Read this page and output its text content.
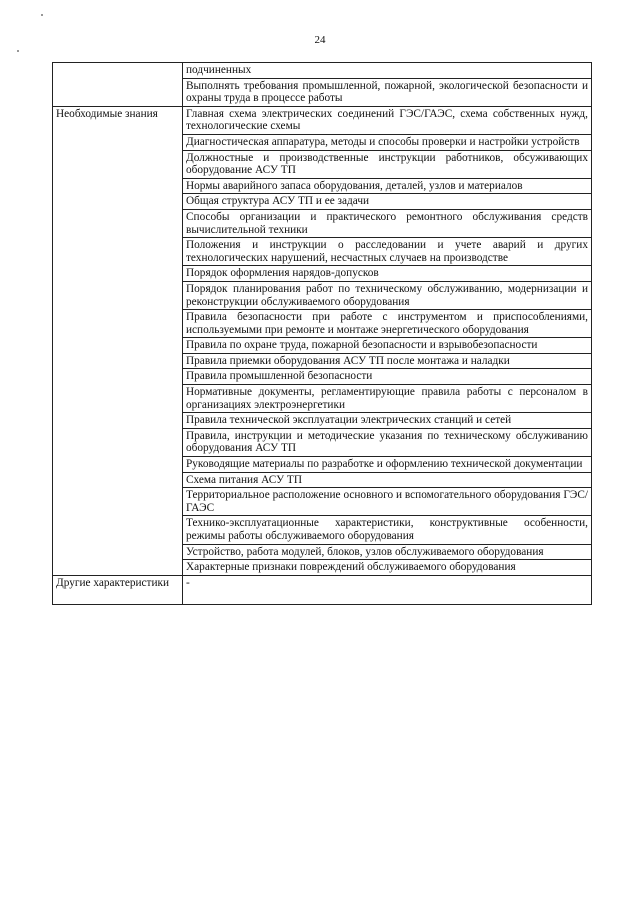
24
	подчиненных
	Выполнять требования промышленной, пожарной, экологической безопасности и охраны труда в процессе работы
Необходимые знания	Главная схема электрических соединений ГЭС/ГАЭС, схема собственных нужд, технологические схемы
	Диагностическая аппаратура, методы и способы проверки и настройки устройств
	Должностные и производственные инструкции работников, обсуживающих оборудование АСУ ТП
	Нормы аварийного запаса оборудования, деталей, узлов и материалов
	Общая структура АСУ ТП и ее задачи
	Способы организации и практического ремонтного обслуживания средств вычислительной техники
	Положения и инструкции о расследовании и учете аварий и других технологических нарушений, несчастных случаев на производстве
	Порядок оформления нарядов-допусков
	Порядок планирования работ по техническому обслуживанию, модернизации и реконструкции обслуживаемого оборудования
	Правила безопасности при работе с инструментом и приспособлениями, используемыми при ремонте и монтаже энергетического оборудования
	Правила по охране труда, пожарной безопасности и взрывобезопасности
	Правила приемки оборудования АСУ ТП после монтажа и наладки
	Правила промышленной безопасности
	Нормативные документы, регламентирующие правила работы с персоналом в организациях электроэнергетики
	Правила технической эксплуатации электрических станций и сетей
	Правила, инструкции и методические указания по техническому обслуживанию оборудования АСУ ТП
	Руководящие материалы по разработке и оформлению технической документации
	Схема питания АСУ ТП
	Территориальное расположение основного и вспомогательного оборудования ГЭС/ГАЭС
	Технико-эксплуатационные характеристики, конструктивные особенности, режимы работы обслуживаемого оборудования
	Устройство, работа модулей, блоков, узлов обслуживаемого оборудования
	Характерные признаки повреждений обслуживаемого оборудования
Другие характеристики	-
